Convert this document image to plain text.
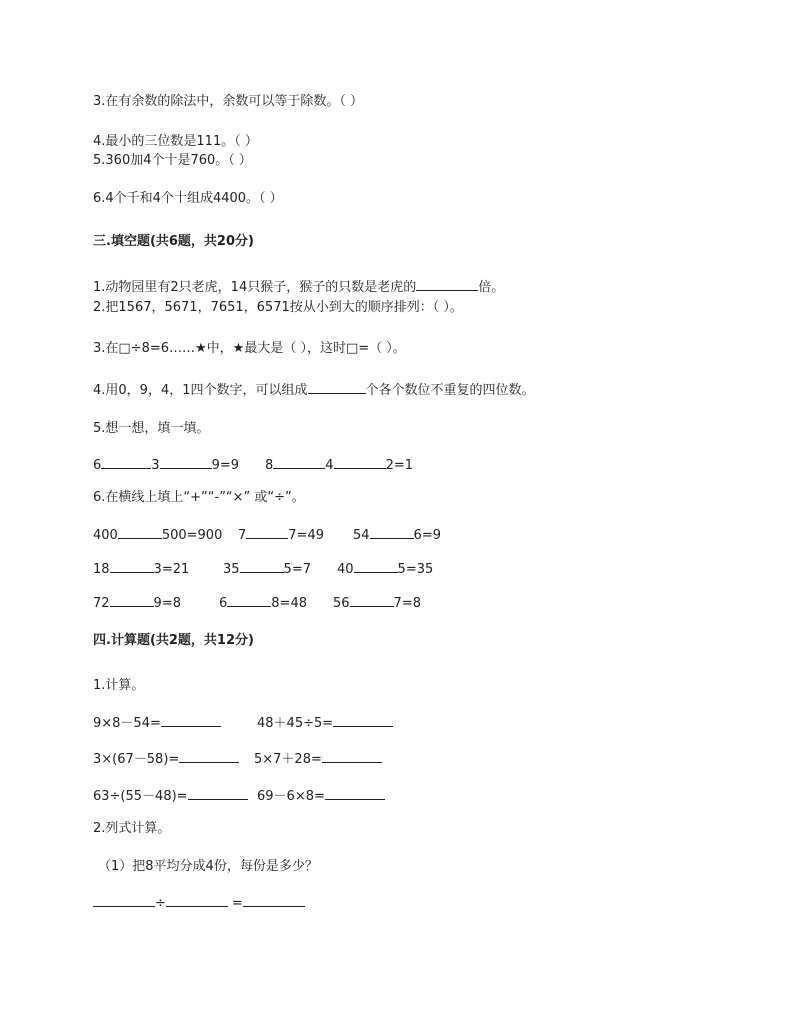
3.在有余数的除法中，余数可以等于除数。（ ）
4.最小的三位数是111。（ ）
5.360加4个十是760。（ ）
6.4个千和4个十组成4400。（ ）
三.填空题(共6题，共20分)
1.动物园里有2只老虎，14只猴子，猴子的只数是老虎的	倍。
2.把1567，5671，7651，6571按从小到大的顺序排列：（ ）。
3.在□÷8=6……★中，★最大是（ ），这时□=（ ）。
4.用0，9，4，1四个数字，可以组成	个各个数位不重复的四位数。
5.想一想，填一填。
6	3	9=9 8	4	2=1
6.在横线上填上“+”“-”“×” 或“÷”。
400	500=900 7	7=49 54	6=9
18	3=21	35	5=7 40	5=35
72	9=8	6	8=48 56	7=8
四.计算题(共2题，共12分)
1.计算。
9×8－54=	48＋45÷5=
3×(67－58)=	5×7＋28=
63÷(55－48)=	69－6×8=
2.列式计算。
（1）把8平均分成4份，每份是多少？
÷	=
